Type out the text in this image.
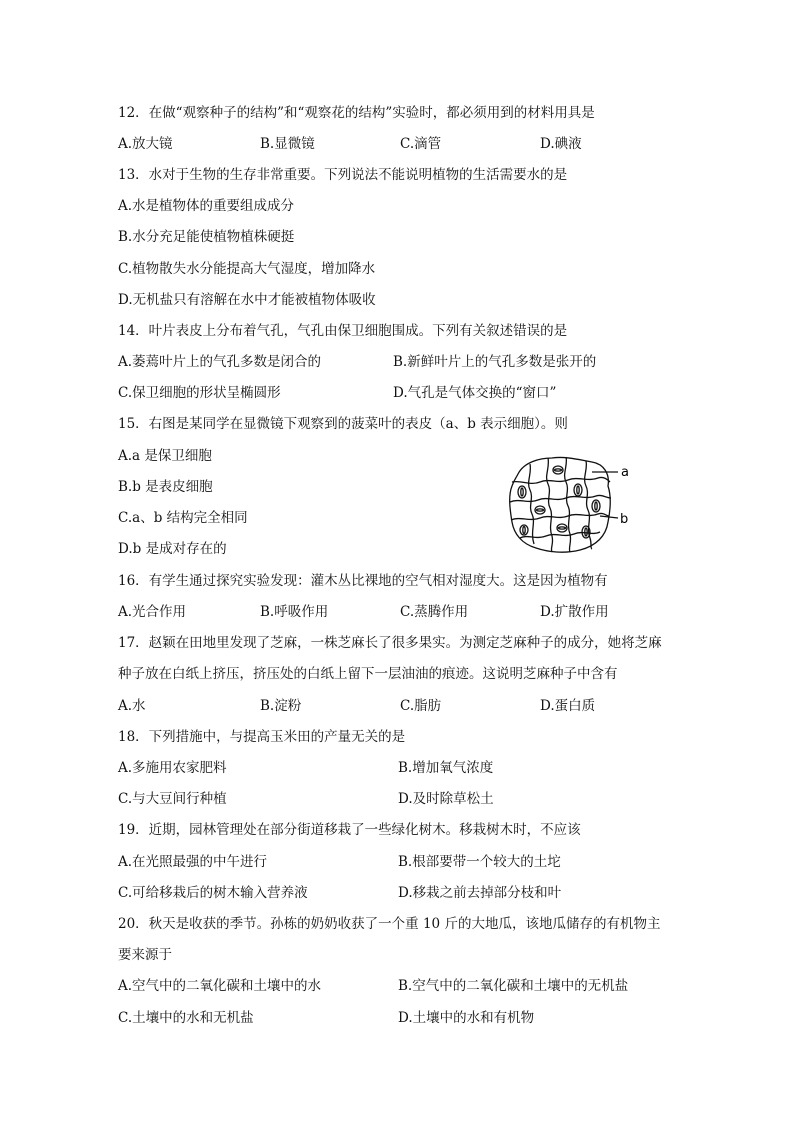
12．在做“观察种子的结构”和“观察花的结构”实验时，都必须用到的材料用具是
A.放大镜	B.显微镜	C.滴管	D.碘液
13．水对于生物的生存非常重要。下列说法不能说明植物的生活需要水的是
A.水是植物体的重要组成成分
B.水分充足能使植物植株硬挺
C.植物散失水分能提高大气湿度，增加降水
D.无机盐只有溶解在水中才能被植物体吸收
14．叶片表皮上分布着气孔，气孔由保卫细胞围成。下列有关叙述错误的是
A.萎蔫叶片上的气孔多数是闭合的	B.新鲜叶片上的气孔多数是张开的
C.保卫细胞的形状呈椭圆形	D.气孔是气体交换的“窗口”
15．右图是某同学在显微镜下观察到的菠菜叶的表皮（a、b 表示细胞）。则
A.a 是保卫细胞
B.b 是表皮细胞
C.a、b 结构完全相同
D.b 是成对存在的
a
b
16．有学生通过探究实验发现：灌木丛比裸地的空气相对湿度大。这是因为植物有
A.光合作用	B.呼吸作用	C.蒸腾作用	D.扩散作用
17．赵颖在田地里发现了芝麻，一株芝麻长了很多果实。为测定芝麻种子的成分，她将芝麻
种子放在白纸上挤压，挤压处的白纸上留下一层油油的痕迹。这说明芝麻种子中含有
A.水	B.淀粉	C.脂肪	D.蛋白质
18．下列措施中，与提高玉米田的产量无关的是
A.多施用农家肥料	B.增加氧气浓度
C.与大豆间行种植	D.及时除草松土
19．近期，园林管理处在部分街道移栽了一些绿化树木。移栽树木时，不应该
A.在光照最强的中午进行	B.根部要带一个较大的土坨
C.可给移栽后的树木输入营养液	D.移栽之前去掉部分枝和叶
20．秋天是收获的季节。孙栋的奶奶收获了一个重 10 斤的大地瓜，该地瓜储存的有机物主
要来源于
A.空气中的二氧化碳和土壤中的水	B.空气中的二氧化碳和土壤中的无机盐
C.土壤中的水和无机盐	D.土壤中的水和有机物
